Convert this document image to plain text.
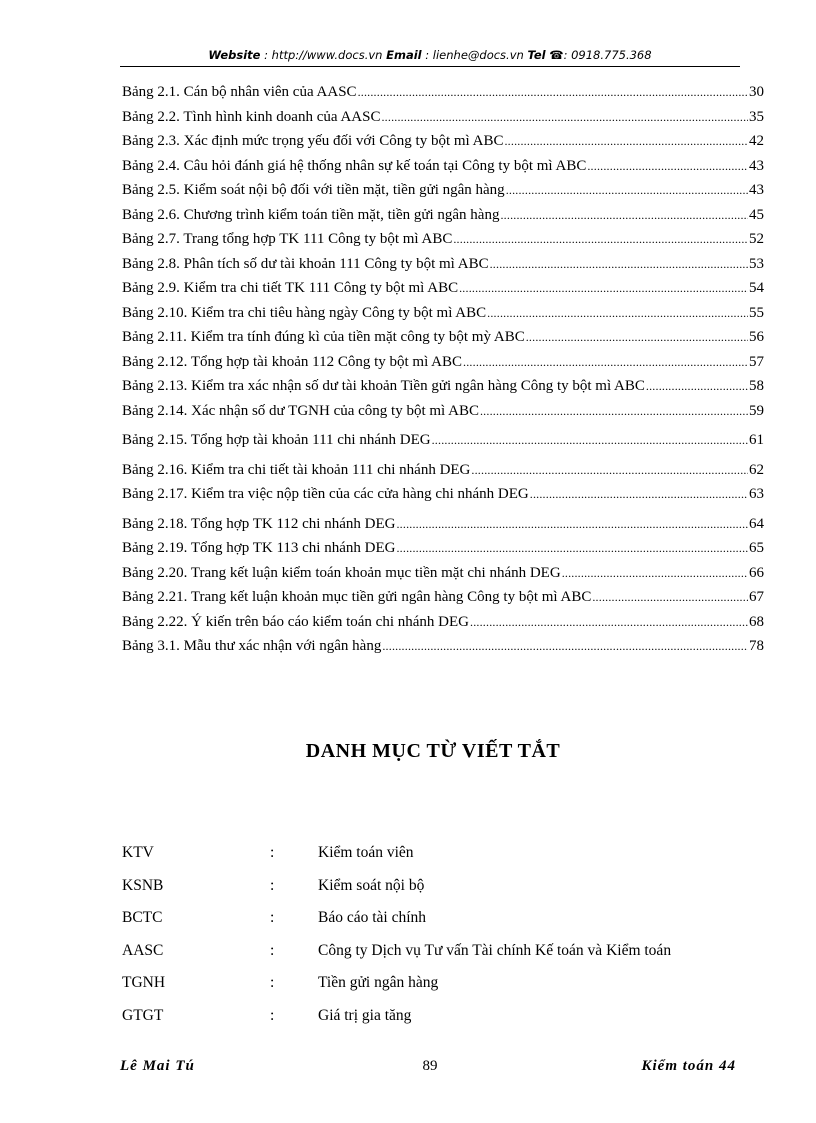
Website : http://www.docs.vn Email : lienhe@docs.vn Tel ☎: 0918.775.368
Bảng 2.1. Cán bộ nhân viên của AASC .....	30
Bảng 2.2. Tình hình kinh doanh của AASC .....	35
Bảng 2.3. Xác định mức trọng yếu đối với Công ty bột mì ABC .....	42
Bảng 2.4. Câu hỏi đánh giá hệ thống nhân sự kế toán tại Công ty bột mì ABC .....	43
Bảng 2.5. Kiểm soát nội bộ đối với tiền mặt, tiền gửi ngân hàng .....	43
Bảng 2.6. Chương trình kiểm toán tiền mặt, tiền gửi ngân hàng .....	45
Bảng 2.7. Trang tổng hợp TK 111 Công ty bột mì ABC .....	52
Bảng 2.8. Phân tích số dư tài khoản 111 Công ty bột mì ABC .....	53
Bảng 2.9. Kiểm tra chi tiết TK 111 Công ty bột mì ABC .....	54
Bảng 2.10. Kiểm tra chi tiêu hàng ngày Công ty bột mì ABC .....	55
Bảng 2.11. Kiểm tra tính đúng kì của tiền mặt công ty bột mỳ ABC .....	56
Bảng 2.12. Tổng hợp tài khoản 112 Công ty bột mì ABC .....	57
Bảng 2.13. Kiểm tra xác nhận số dư tài khoản Tiền gửi ngân hàng Công ty bột mì ABC .....	58
Bảng 2.14. Xác nhận số dư TGNH của công ty bột mì ABC .....	59
Bảng 2.15. Tổng hợp tài khoản 111 chi nhánh DEG .....	61
Bảng 2.16. Kiểm tra chi tiết tài khoản 111 chi nhánh DEG .....	62
Bảng 2.17. Kiểm tra việc nộp tiền của các cửa hàng chi nhánh DEG .....	63
Bảng 2.18. Tổng hợp TK 112 chi nhánh DEG .....	64
Bảng 2.19. Tổng hợp TK 113 chi nhánh DEG .....	65
Bảng 2.20. Trang kết luận kiểm toán khoản mục tiền mặt chi nhánh DEG .....	66
Bảng 2.21. Trang kết luận khoản mục tiền gửi ngân hàng Công ty bột mì ABC .....	67
Bảng 2.22. Ý kiến trên báo cáo kiểm toán chi nhánh DEG .....	68
Bảng 3.1. Mẫu thư xác nhận với ngân hàng .....	78
DANH MỤC TỪ VIẾT TẮT
KTV	:	Kiểm toán viên
KSNB	:	Kiểm soát nội bộ
BCTC	:	Báo cáo tài chính
AASC	:	Công ty Dịch vụ Tư vấn Tài chính Kế toán và Kiểm toán
TGNH	:	Tiền gửi ngân hàng
GTGT	:	Giá trị gia tăng
Lê Mai Tú	89	Kiểm toán 44
